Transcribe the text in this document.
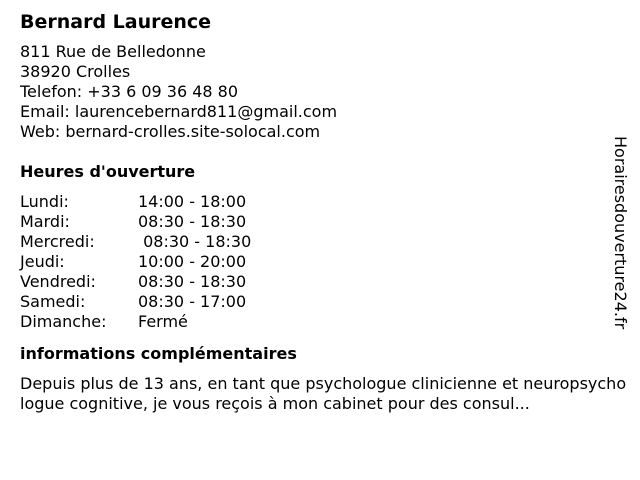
Bernard Laurence
811 Rue de Belledonne
38920 Crolles
Telefon: +33 6 09 36 48 80
Email: laurencebernard811@gmail.com
Web: bernard-crolles.site-solocal.com
Heures d'ouverture
Lundi:	14:00 - 18:00
Mardi:	08:30 - 18:30
Mercredi:	08:30 - 18:30
Jeudi:	10:00 - 20:00
Vendredi:	08:30 - 18:30
Samedi:	08:30 - 17:00
Dimanche:	Fermé
informations complémentaires
Depuis plus de 13 ans, en tant que psychologue clinicienne et neuropsychologue cognitive, je vous reçois à mon cabinet pour des consul...
Horairesdouverture24.fr
